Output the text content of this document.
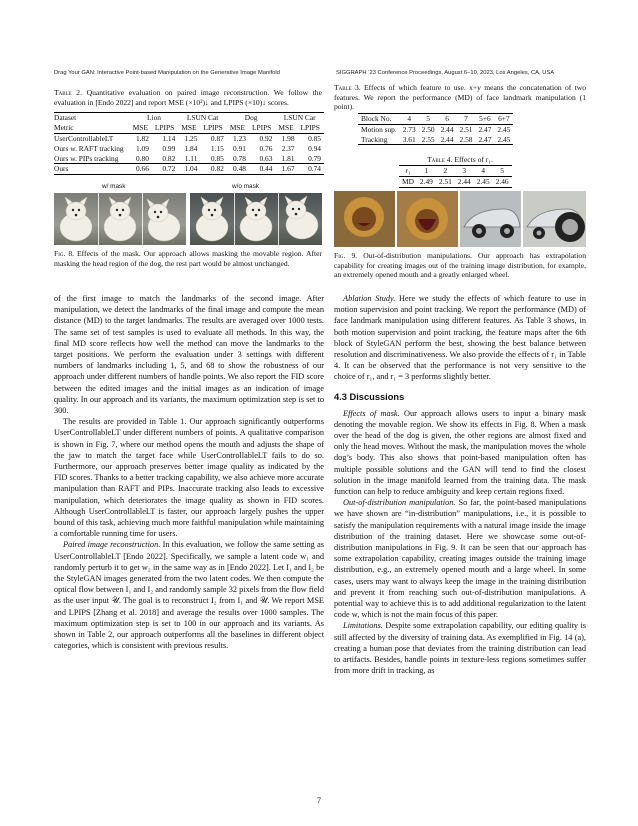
Drag Your GAN: Interactive Point-based Manipulation on the Generative Image Manifold	SIGGRAPH ’23 Conference Proceedings, August 6–10, 2023, Los Angeles, CA, USA
Table 2. Quantitative evaluation on paired image reconstruction. We follow the evaluation in [Endo 2022] and report MSE (×10²)↓ and LPIPS (×10)↓ scores.
Dataset	Lion		LSUN Cat		Dog		LSUN Car	
Metric	MSE	LPIPS	MSE	LPIPS	MSE	LPIPS	MSE	LPIPS
UserControllableLT	1.82	1.14	1.25	0.87	1.23	0.92	1.98	0.85
Ours w. RAFT tracking	1.09	0.99	1.84	1.15	0.91	0.76	2.37	0.94
Ours w. PIPs tracking	0.80	0.82	1.11	0.85	0.78	0.63	1.81	0.79
Ours	0.66	0.72	1.04	0.82	0.48	0.44	1.67	0.74
w/ mask	w/o mask
Fig. 8. Effects of the mask. Our approach allows masking the movable region. After masking the head region of the dog, the rest part would be almost unchanged.
Table 3. Effects of which feature to use. x+y means the concatenation of two features. We report the performance (MD) of face landmark manipulation (1 point).
Block No.	4	5	6	7	5+6	6+7
Motion sup.	2.73	2.50	2.44	2.51	2.47	2.45
Tracking	3.61	2.55	2.44	2.58	2.47	2.45
Table 4. Effects of r₁.
r₁	1	2	3	4	5
MD	2.49	2.51	2.44	2.45	2.46
Fig. 9. Out-of-distribution manipulations. Our approach has extrapolation capability for creating images out of the training image distribution, for example, an extremely opened mouth and a greatly enlarged wheel.

of the first image to match the landmarks of the second image. After manipulation, we detect the landmarks of the final image and compute the mean distance (MD) to the target landmarks. The results are averaged over 1000 tests. The same set of test samples is used to evaluate all methods. In this way, the final MD score reflects how well the method can move the landmarks to the target positions. We perform the evaluation under 3 settings with different numbers of landmarks including 1, 5, and 68 to show the robustness of our approach under different numbers of handle points. We also report the FID score between the edited images and the initial images as an indication of image quality. In our approach and its variants, the maximum optimization step is set to 300.

The results are provided in Table 1. Our approach significantly outperforms UserControllableLT under different numbers of points. A qualitative comparison is shown in Fig. 7, where our method opens the mouth and adjusts the shape of the jaw to match the target face while UserControllableLT fails to do so. Furthermore, our approach preserves better image quality as indicated by the FID scores. Thanks to a better tracking capability, we also achieve more accurate manipulation than RAFT and PIPs. Inaccurate tracking also leads to excessive manipulation, which deteriorates the image quality as shown in FID scores. Although UserControllableLT is faster, our approach largely pushes the upper bound of this task, achieving much more faithful manipulation while maintaining a comfortable running time for users.

Paired image reconstruction. In this evaluation, we follow the same setting as UserControllableLT [Endo 2022]. Specifically, we sample a latent code w₁ and randomly perturb it to get w₂ in the same way as in [Endo 2022]. Let I₁ and I₂ be the StyleGAN images generated from the two latent codes. We then compute the optical flow between I₁ and I₂ and randomly sample 32 pixels from the flow field as the user input 𝒰. The goal is to reconstruct I₂ from I₁ and 𝒰. We report MSE and LPIPS [Zhang et al. 2018] and average the results over 1000 samples. The maximum optimization step is set to 100 in our approach and its variants. As shown in Table 2, our approach outperforms all the baselines in different object categories, which is consistent with previous results.

Ablation Study. Here we study the effects of which feature to use in motion supervision and point tracking. We report the performance (MD) of face landmark manipulation using different features. As Table 3 shows, in both motion supervision and point tracking, the feature maps after the 6th block of StyleGAN perform the best, showing the best balance between resolution and discriminativeness. We also provide the effects of r₁ in Table 4. It can be observed that the performance is not very sensitive to the choice of r₁, and r₁ = 3 performs slightly better.

4.3 Discussions

Effects of mask. Our approach allows users to input a binary mask denoting the movable region. We show its effects in Fig. 8. When a mask over the head of the dog is given, the other regions are almost fixed and only the head moves. Without the mask, the manipulation moves the whole dog’s body. This also shows that point-based manipulation often has multiple possible solutions and the GAN will tend to find the closest solution in the image manifold learned from the training data. The mask function can help to reduce ambiguity and keep certain regions fixed.

Out-of-distribution manipulation. So far, the point-based manipulations we have shown are “in-distribution” manipulations, i.e., it is possible to satisfy the manipulation requirements with a natural image inside the image distribution of the training dataset. Here we showcase some out-of-distribution manipulations in Fig. 9. It can be seen that our approach has some extrapolation capability, creating images outside the training image distribution, e.g., an extremely opened mouth and a large wheel. In some cases, users may want to always keep the image in the training distribution and prevent it from reaching such out-of-distribution manipulations. A potential way to achieve this is to add additional regularization to the latent code w, which is not the main focus of this paper.

Limitations. Despite some extrapolation capability, our editing quality is still affected by the diversity of training data. As exemplified in Fig. 14 (a), creating a human pose that deviates from the training distribution can lead to artifacts. Besides, handle points in texture-less regions sometimes suffer from more drift in tracking, as

7
